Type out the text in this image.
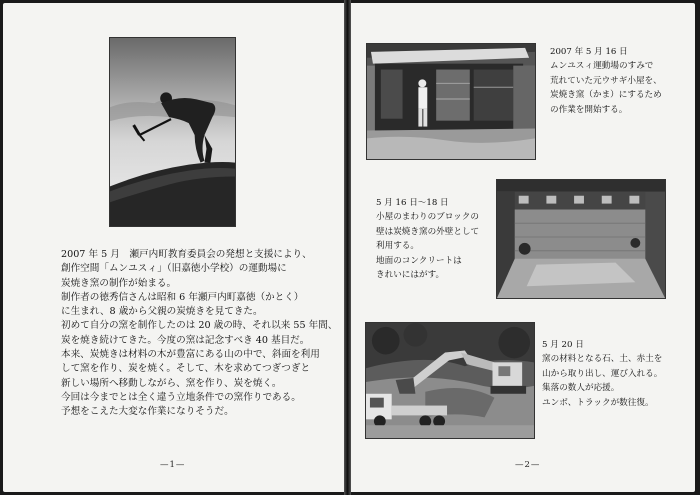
2007 年 5 月　瀬戸内町教育委員会の発想と支援により、
創作空間「ムンユスィ」（旧嘉徳小学校）の運動場に
炭焼き窯の制作が始まる。
制作者の徳秀信さんは昭和 6 年瀬戸内町嘉徳（かとく）
に生まれ、8 歳から父親の炭焼きを見てきた。
初めて自分の窯を制作したのは 20 歳の時、それ以来 55 年間、
炭を焼き続けてきた。今度の窯は記念すべき 40 基目だ。
本来、炭焼きは材料の木が豊富にある山の中で、斜面を利用
して窯を作り、炭を焼く。そして、木を求めてつぎつぎと
新しい場所へ移動しながら、窯を作り、炭を焼く。
今回は今までとは全く違う立地条件での窯作りである。
予想をこえた大変な作業になりそうだ。
—1—
2007 年 5 月 16 日
ムンユスィ運動場のすみで
荒れていた元ウサギ小屋を、
炭焼き窯（かま）にするため
の作業を開始する。
5 月 16 日～18 日
小屋のまわりのブロックの
壁は炭焼き窯の外壁として
利用する。
地面のコンクリートは
きれいにはがす。
5 月 20 日
窯の材料となる石、土、赤土を
山から取り出し、運び入れる。
集落の数人が応援。
ユンボ、トラックが数往復。
—2—
